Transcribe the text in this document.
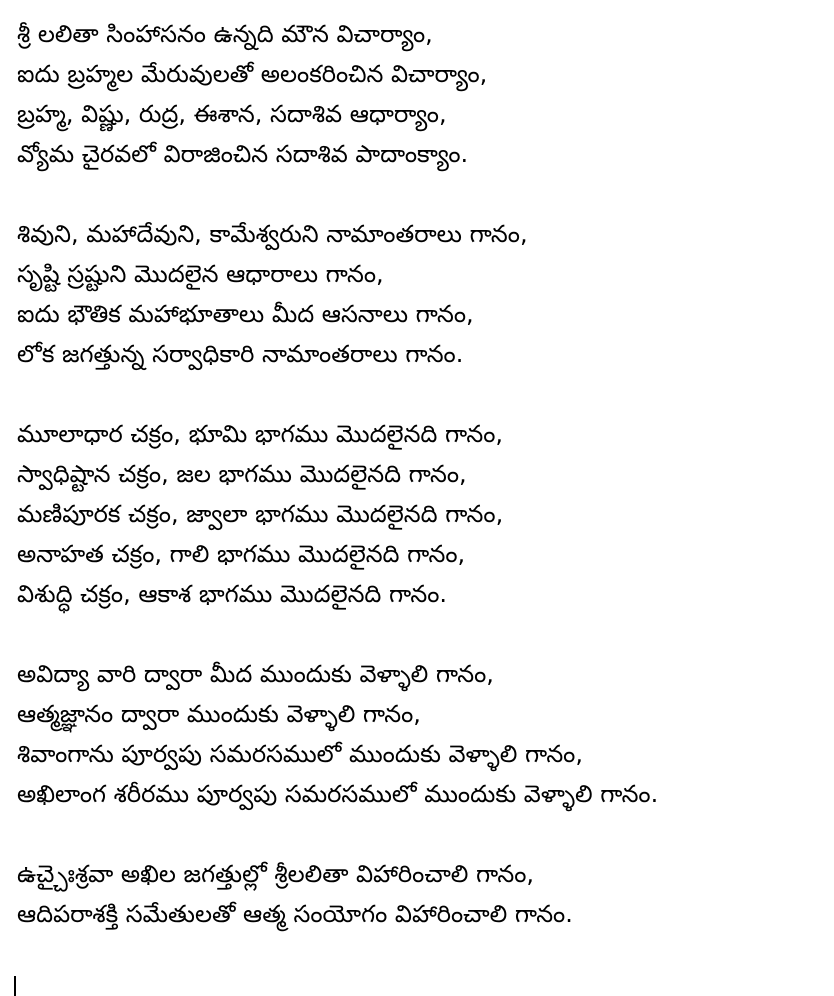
శ్రీ లలితా సింహాసనం ఉన్నది మౌన విచార్యాం,
ఐదు బ్రహ్మల మేరువులతో అలంకరించిన విచార్యాం,
బ్రహ్మ, విష్ణు, రుద్ర, ఈశాన, సదాశివ ఆధార్యాం,
వ్యోమ చైరవలో విరాజించిన సదాశివ పాదాంక్యాం.
శివుని, మహాదేవుని, కామేశ్వరుని నామాంతరాలు గానం,
సృష్టి స్రష్టుని మొదలైన ఆధారాలు గానం,
ఐదు భౌతిక మహాభూతాలు మీద ఆసనాలు గానం,
లోక జగత్తున్న సర్వాధికారి నామాంతరాలు గానం.
మూలాధార చక్రం, భూమి భాగము మొదలైనది గానం,
స్వాధిష్టాన చక్రం, జల భాగము మొదలైనది గానం,
మణిపూరక చక్రం, జ్వాలా భాగము మొదలైనది గానం,
అనాహత చక్రం, గాలి భాగము మొదలైనది గానం,
విశుద్ధి చక్రం, ఆకాశ భాగము మొదలైనది గానం.
అవిద్యా వారి ద్వారా మీద ముందుకు వెళ్ళాలి గానం,
ఆత్మజ్ఞానం ద్వారా ముందుకు వెళ్ళాలి గానం,
శివాంగాను పూర్వపు సమరసములో ముందుకు వెళ్ళాలి గానం,
అఖిలాంగ శరీరము పూర్వపు సమరసములో ముందుకు వెళ్ళాలి గానం.
ఉచ్చైఃశ్రవా అఖిల జగత్తుల్లో శ్రీలలితా విహారించాలి గానం,
ఆదిపరాశక్తి సమేతులతో ఆత్మ సంయోగం విహారించాలి గానం.
